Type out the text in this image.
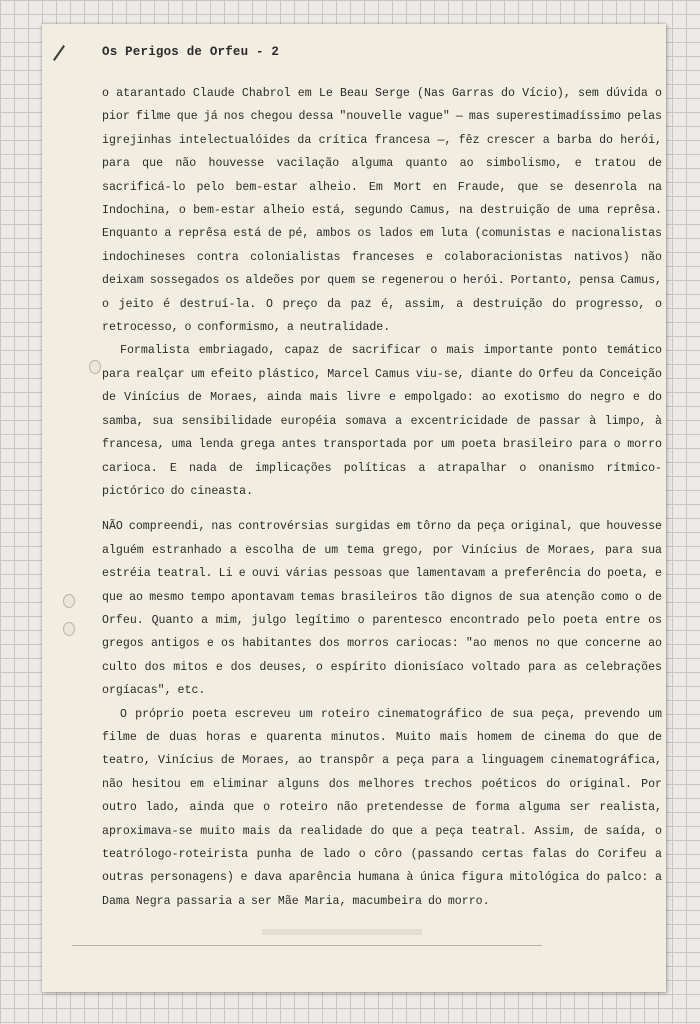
Os Perigos de Orfeu - 2

o atarantado Claude Chabrol em Le Beau Serge (Nas Garras do Vício), sem dúvida o pior filme que já nos chegou dessa "nouvelle vague" — mas superestimadíssimo pelas igrejinhas intelectualóides da crítica francesa —, fêz crescer a barba do herói, para que não houvesse vacilação alguma quanto ao simbolismo, e tratou de sacrificá-lo pelo bem-estar alheio. Em Mort en Fraude, que se desenrola na Indochina, o bem-estar alheio está, segundo Camus, na destruição de uma reprêsa. Enquanto a reprêsa está de pé, ambos os lados em luta (comunistas e nacionalistas indochineses contra colonialistas franceses e colaboracionistas nativos) não deixam sossegados os aldeões por quem se regenerou o herói. Portanto, pensa Camus, o jeito é destruí-la. O preço da paz é, assim, a destruição do progresso, o retrocesso, o conformismo, a neutralidade.

Formalista embriagado, capaz de sacrificar o mais importante ponto temático para realçar um efeito plástico, Marcel Camus viu-se, diante do Orfeu da Conceição de Vinícius de Moraes, ainda mais livre e empolgado: ao exotismo do negro e do samba, sua sensibilidade européia somava a excentricidade de passar à limpo, à francesa, uma lenda grega antes transportada por um poeta brasileiro para o morro carioca. E nada de implicações políticas a atrapalhar o onanismo rítmico-pictórico do cineasta.

NÃO compreendi, nas controvérsias surgidas em tôrno da peça original, que houvesse alguém estranhado a escolha de um tema grego, por Vinícius de Moraes, para sua estréia teatral. Li e ouvi várias pessoas que lamentavam a preferência do poeta, e que ao mesmo tempo apontavam temas brasileiros tão dignos de sua atenção como o de Orfeu. Quanto a mim, julgo legítimo o parentesco encontrado pelo poeta entre os gregos antigos e os habitantes dos morros cariocas: "ao menos no que concerne ao culto dos mitos e dos deuses, o espírito dionisíaco voltado para as celebrações orgíacas", etc.

O próprio poeta escreveu um roteiro cinematográfico de sua peça, prevendo um filme de duas horas e quarenta minutos. Muito mais homem de cinema do que de teatro, Vinícius de Moraes, ao transpôr a peça para a linguagem cinematográfica, não hesitou em eliminar alguns dos melhores trechos poéticos do original. Por outro lado, ainda que o roteiro não pretendesse de forma alguma ser realista, aproximava-se muito mais da realidade do que a peça teatral. Assim, de saída, o teatrólogo-roteirista punha de lado o côro (passando certas falas do Corifeu a outras personagens) e dava aparência humana à única figura mitológica do palco: a Dama Negra passaria a ser Mãe Maria, macumbeira do morro.
